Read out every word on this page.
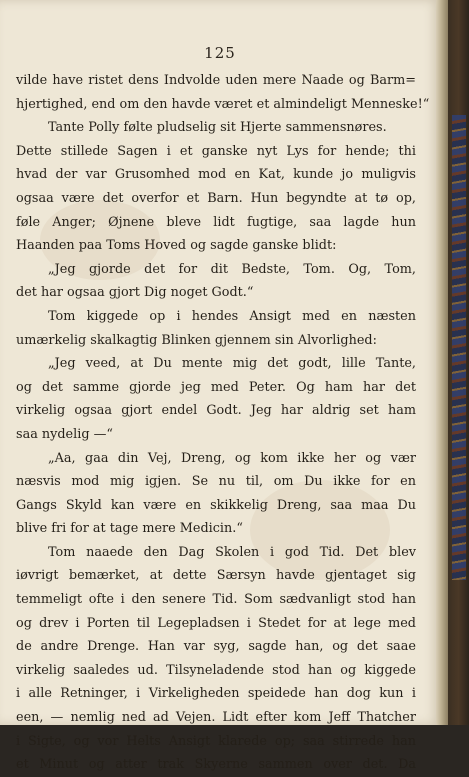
125
vilde have ristet dens Indvolde uden mere Naade og Barm=
hjertighed, end om den havde været et almindeligt Menneske!“
Tante Polly følte pludselig sit Hjerte sammensnøres.
Dette stillede Sagen i et ganske nyt Lys for hende; thi
hvad der var Grusomhed mod en Kat, kunde jo muligvis
ogsaa være det overfor et Barn. Hun begyndte at tø op,
føle Anger; Øjnene bleve lidt fugtige, saa lagde hun
Haanden paa Toms Hoved og sagde ganske blidt:
„Jeg gjorde det for dit Bedste, Tom. Og, Tom,
det har ogsaa gjort Dig noget Godt.“
Tom kiggede op i hendes Ansigt med en næsten
umærkelig skalkagtig Blinken gjennem sin Alvorlighed:
„Jeg veed, at Du mente mig det godt, lille Tante,
og det samme gjorde jeg med Peter. Og ham har det
virkelig ogsaa gjort endel Godt. Jeg har aldrig set ham
saa nydelig —“
„Aa, gaa din Vej, Dreng, og kom ikke her og vær
næsvis mod mig igjen. Se nu til, om Du ikke for en
Gangs Skyld kan være en skikkelig Dreng, saa maa Du
blive fri for at tage mere Medicin.“
Tom naaede den Dag Skolen i god Tid. Det blev
iøvrigt bemærket, at dette Særsyn havde gjentaget sig
temmeligt ofte i den senere Tid. Som sædvanligt stod han
og drev i Porten til Legepladsen i Stedet for at lege med
de andre Drenge. Han var syg, sagde han, og det saae
virkelig saaledes ud. Tilsyneladende stod han og kiggede
i alle Retninger, i Virkeligheden speidede han dog kun i
een, — nemlig ned ad Vejen. Lidt efter kom Jeff Thatcher
i Sigte, og vor Helts Ansigt klarede op; saa stirrede han
et Minut og atter trak Skyerne sammen over det. Da
